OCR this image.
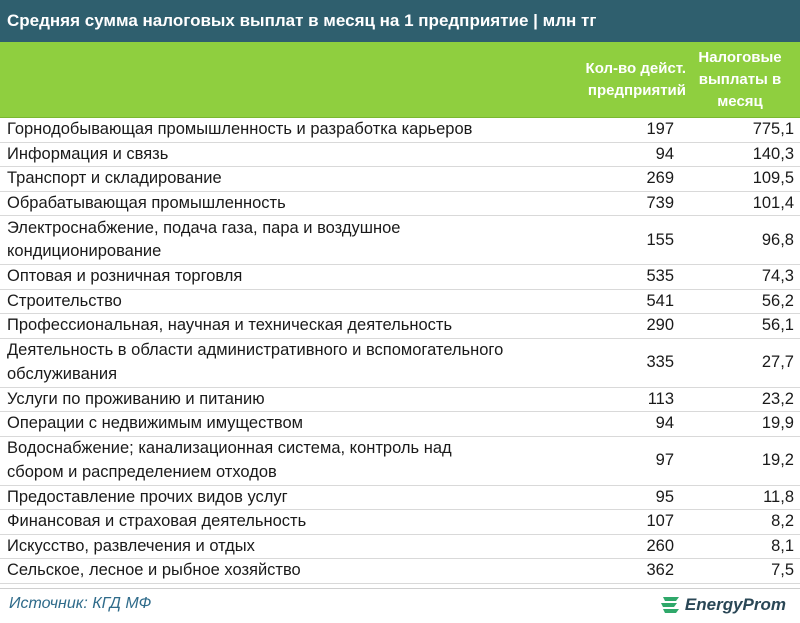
Средняя сумма налоговых выплат в месяц на 1 предприятие | млн тг
Кол-во дейст.
предприятий
Налоговые
выплаты в
месяц
Горнодобывающая промышленность и разработка карьеров	197	775,1
Информация и связь	94	140,3
Транспорт и складирование	269	109,5
Обрабатывающая промышленность	739	101,4
Электроснабжение, подача газа, пара и воздушное
кондиционирование
155	96,8
Оптовая и розничная торговля	535	74,3
Строительство	541	56,2
Профессиональная, научная и техническая деятельность	290	56,1
Деятельность в области административного и вспомогательного
обслуживания
335	27,7
Услуги по проживанию и питанию	113	23,2
Операции с недвижимым имуществом	94	19,9
Водоснабжение; канализационная система, контроль над
сбором и распределением отходов
97	19,2
Предоставление прочих видов услуг	95	11,8
Финансовая и страховая деятельность	107	8,2
Искусство, развлечения и отдых	260	8,1
Сельское, лесное и рыбное хозяйство	362	7,5
Источник: КГД МФ	EnergyProm
